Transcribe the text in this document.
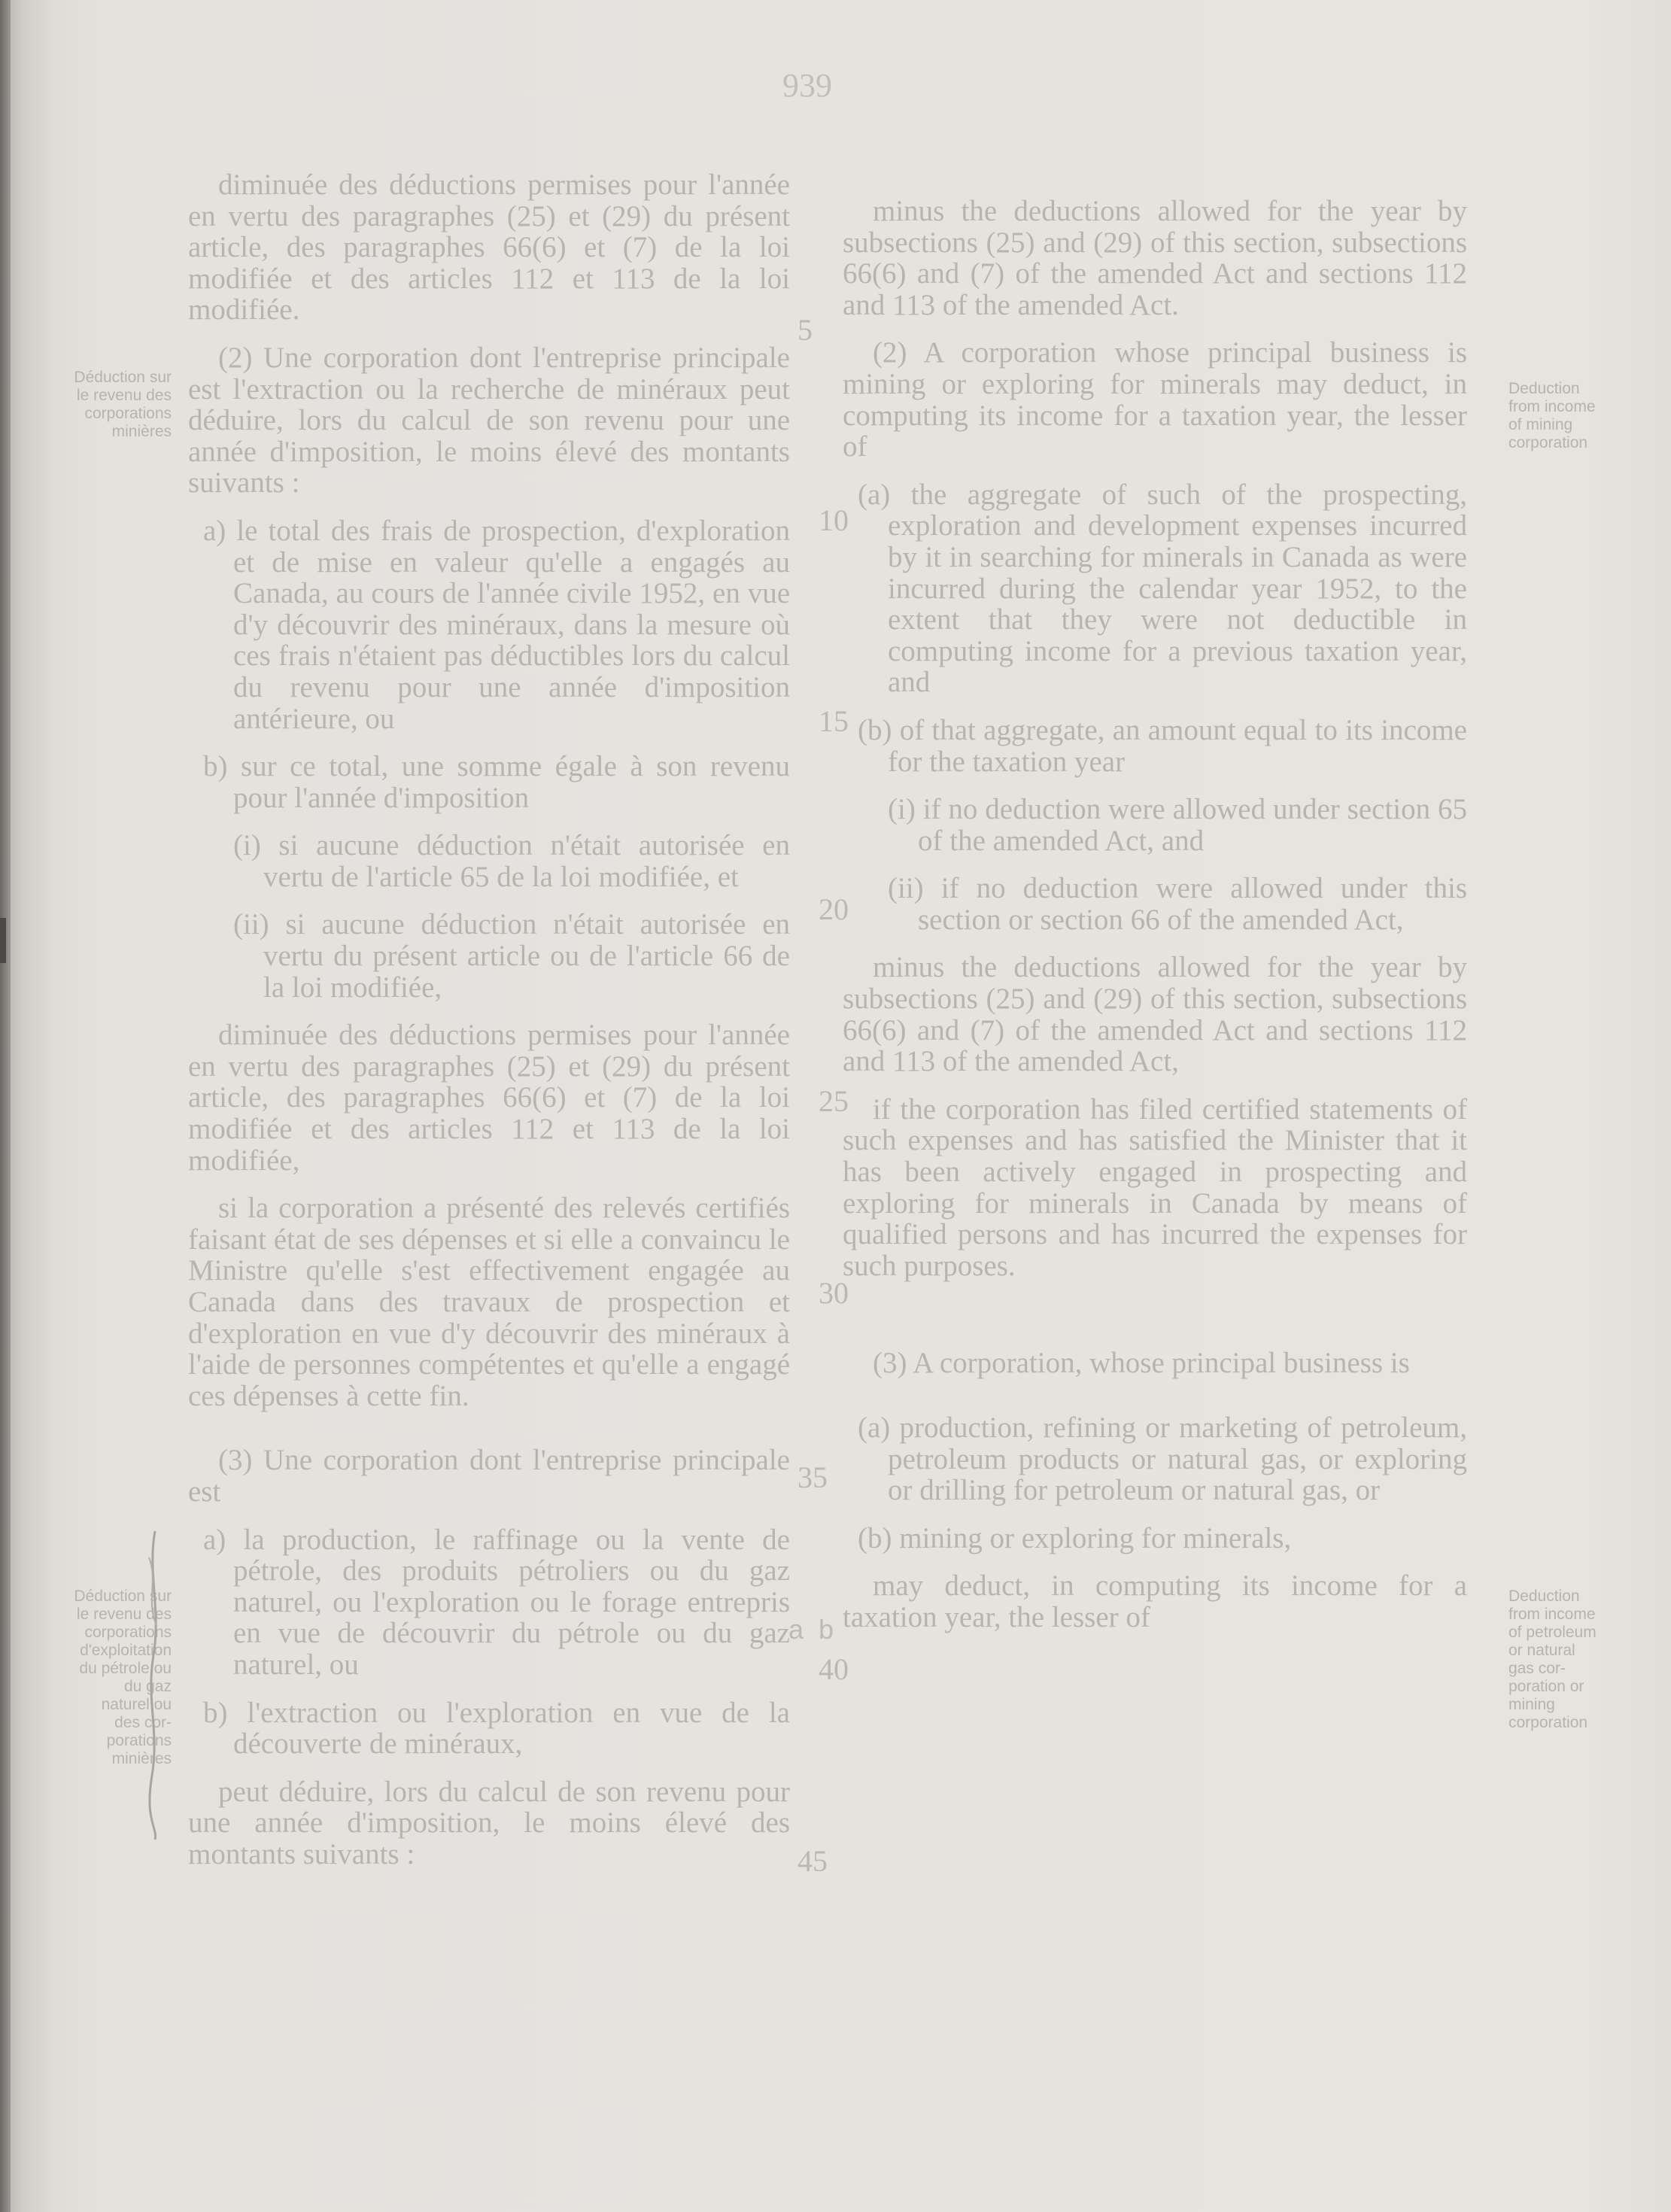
939

diminuée des déductions permises pour l'année en vertu des paragraphes (25) et (29) du présent article, des paragraphes 66(6) et (7) de la loi modifiée et des articles 112 et 113 de la loi modifiée.

(2) Une corporation dont l'entreprise principale est l'extraction ou la recherche de minéraux peut déduire, lors du calcul de son revenu pour une année d'imposition, le moins élevé des montants suivants :

a) le total des frais de prospection, d'exploration et de mise en valeur qu'elle a engagés au Canada, au cours de l'année civile 1952, en vue d'y découvrir des minéraux, dans la mesure où ces frais n'étaient pas déductibles lors du calcul du revenu pour une année d'imposition antérieure, ou

b) sur ce total, une somme égale à son revenu pour l'année d'imposition

(i) si aucune déduction n'était autorisée en vertu de l'article 65 de la loi modifiée, et

(ii) si aucune déduction n'était autorisée en vertu du présent article ou de l'article 66 de la loi modifiée,

diminuée des déductions permises pour l'année en vertu des paragraphes (25) et (29) du présent article, des paragraphes 66(6) et (7) de la loi modifiée et des articles 112 et 113 de la loi modifiée,

si la corporation a présenté des relevés certifiés faisant état de ses dépenses et si elle a convaincu le Ministre qu'elle s'est effectivement engagée au Canada dans des travaux de prospection et d'exploration en vue d'y découvrir des minéraux à l'aide de personnes compétentes et qu'elle a engagé ces dépenses à cette fin.

(3) Une corporation dont l'entreprise principale est

a) la production, le raffinage ou la vente de pétrole, des produits pétroliers ou du gaz naturel, ou l'exploration ou le forage entrepris en vue de découvrir du pétrole ou du gaz naturel, ou

b) l'extraction ou l'exploration en vue de la découverte de minéraux,

peut déduire, lors du calcul de son revenu pour une année d'imposition, le moins élevé des montants suivants :

minus the deductions allowed for the year by subsections (25) and (29) of this section, subsections 66(6) and (7) of the amended Act and sections 112 and 113 of the amended Act.

(2) A corporation whose principal business is mining or exploring for minerals may deduct, in computing its income for a taxation year, the lesser of

(a) the aggregate of such of the prospecting, exploration and development expenses incurred by it in searching for minerals in Canada as were incurred during the calendar year 1952, to the extent that they were not deductible in computing income for a previous taxation year, and

(b) of that aggregate, an amount equal to its income for the taxation year

(i) if no deduction were allowed under section 65 of the amended Act, and

(ii) if no deduction were allowed under this section or section 66 of the amended Act,

minus the deductions allowed for the year by subsections (25) and (29) of this section, subsections 66(6) and (7) of the amended Act and sections 112 and 113 of the amended Act,

if the corporation has filed certified statements of such expenses and has satisfied the Minister that it has been actively engaged in prospecting and exploring for minerals in Canada by means of qualified persons and has incurred the expenses for such purposes.

(3) A corporation, whose principal business is

(a) production, refining or marketing of petroleum, petroleum products or natural gas, or exploring or drilling for petroleum or natural gas, or

(b) mining or exploring for minerals,

may deduct, in computing its income for a taxation year, the lesser of

5
10
15
20
25
30
35
40
45
a b
Deduction from income of mining corporation
Deduction from income of petroleum or natural gas corporation or mining corporation
Déduction sur le revenu des corporations minières
Déduction sur le revenu des corporations d'exploitation du pétrole ou du gaz naturel ou des corporations minières
